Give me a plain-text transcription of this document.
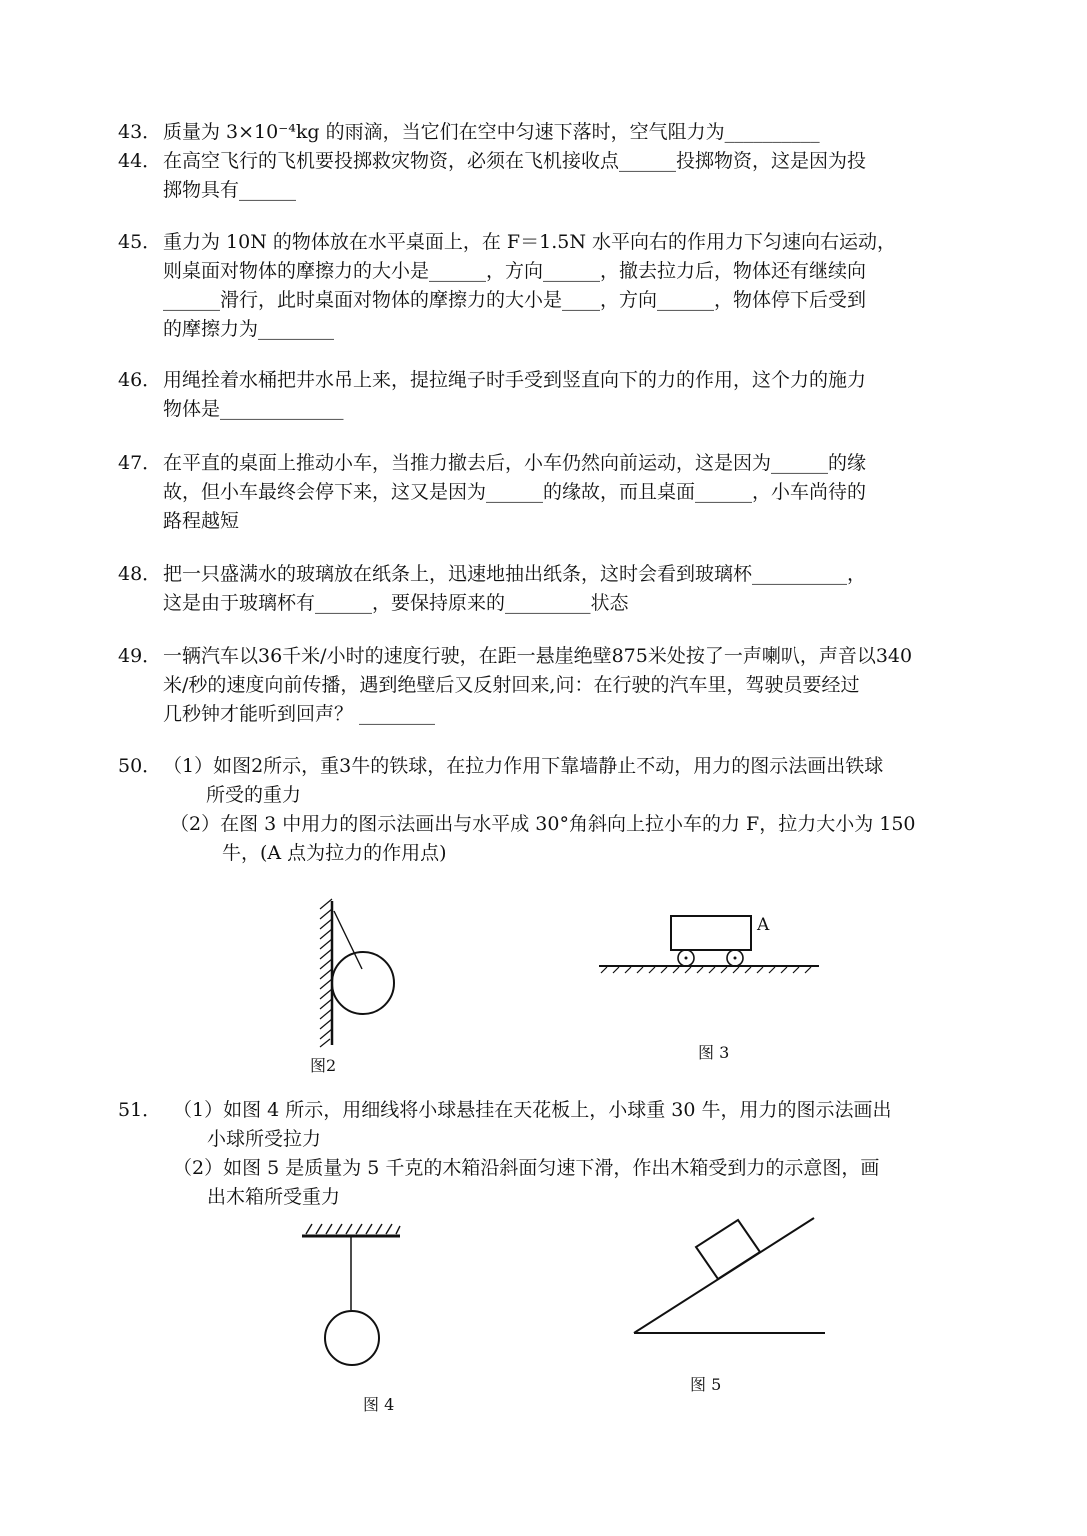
43． 质量为 3×10⁻⁴kg 的雨滴，当它们在空中匀速下落时，空气阻力为__________
44． 在高空飞行的飞机要投掷救灾物资，必须在飞机接收点______投掷物资，这是因为投
掷物具有______
45． 重力为 10N 的物体放在水平桌面上，在 F＝1.5N 水平向右的作用力下匀速向右运动，
则桌面对物体的摩擦力的大小是______，方向______，撤去拉力后，物体还有继续向
______滑行，此时桌面对物体的摩擦力的大小是____，方向______，物体停下后受到
的摩擦力为________
46． 用绳拴着水桶把井水吊上来，提拉绳子时手受到竖直向下的力的作用，这个力的施力
物体是_____________
47． 在平直的桌面上推动小车，当推力撤去后，小车仍然向前运动，这是因为______的缘
故，但小车最终会停下来，这又是因为______的缘故，而且桌面______，小车尚待的
路程越短
48． 把一只盛满水的玻璃放在纸条上，迅速地抽出纸条，这时会看到玻璃杯__________，
这是由于玻璃杯有______，要保持原来的_________状态
49． 一辆汽车以36千米/小时的速度行驶，在距一悬崖绝壁875米处按了一声喇叭，声音以340
米/秒的速度向前传播，遇到绝壁后又反射回来,问：在行驶的汽车里，驾驶员要经过
几秒钟才能听到回声？ ________
50． （1）如图2所示，重3牛的铁球，在拉力作用下靠墙静止不动，用力的图示法画出铁球
所受的重力
（2）在图 3 中用力的图示法画出与水平成 30°角斜向上拉小车的力 F，拉力大小为 150
牛，(A 点为拉力的作用点)
图2
A
图 3
51． （1）如图 4 所示，用细线将小球悬挂在天花板上，小球重 30 牛，用力的图示法画出
小球所受拉力
（2）如图 5 是质量为 5 千克的木箱沿斜面匀速下滑，作出木箱受到力的示意图，画
出木箱所受重力
图 4
图 5
